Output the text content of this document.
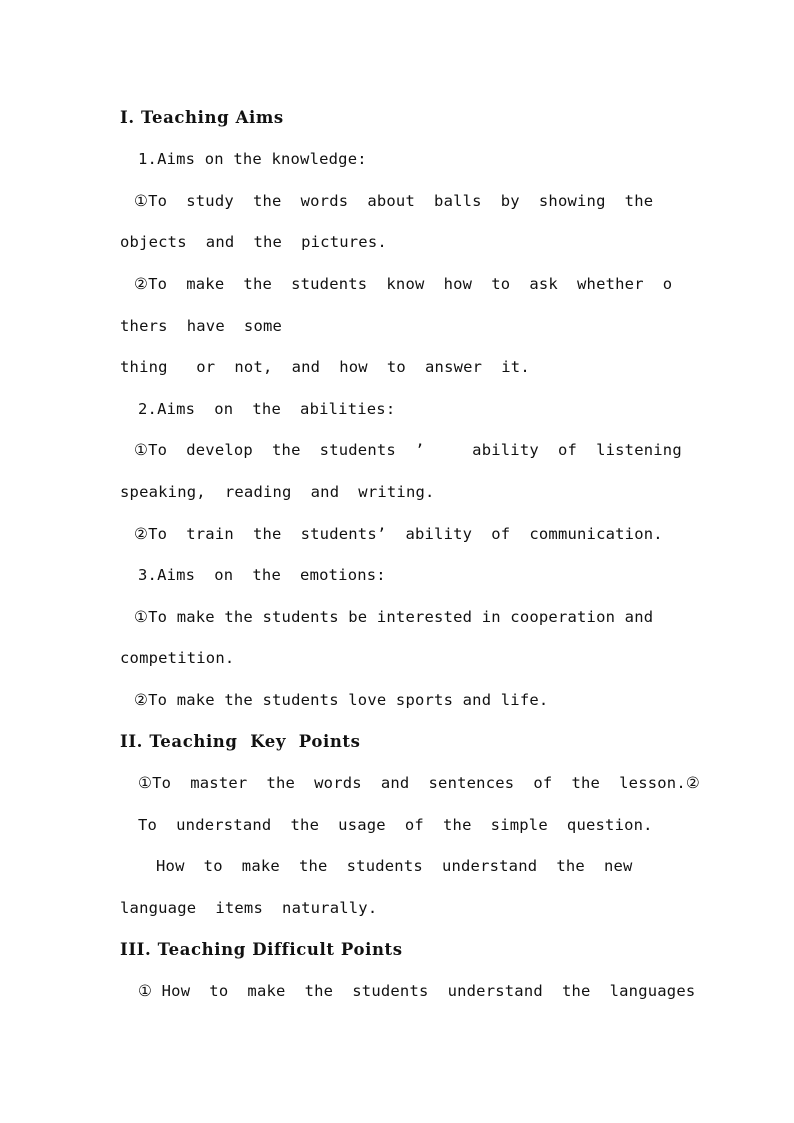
I. Teaching Aims
1.Aims on the knowledge:
①To  study  the  words  about  balls  by  showing  the
objects  and  the  pictures.
②To  make  the  students  know  how  to  ask  whether  o
thers  have  some
thing   or  not,  and  how  to  answer  it.
2.Aims  on  the  abilities:
①To  develop  the  students  ’     ability  of  listening
speaking,  reading  and  writing.
②To  train  the  students’  ability  of  communication.
3.Aims  on  the  emotions:
①To make the students be interested in cooperation and
competition.
②To make the students love sports and life.
II. Teaching  Key  Points
①To  master  the  words  and  sentences  of  the  lesson.②
To  understand  the  usage  of  the  simple  question.
How  to  make  the  students  understand  the  new
language  items  naturally.
III. Teaching Difficult Points
① How  to  make  the  students  understand  the  languages
